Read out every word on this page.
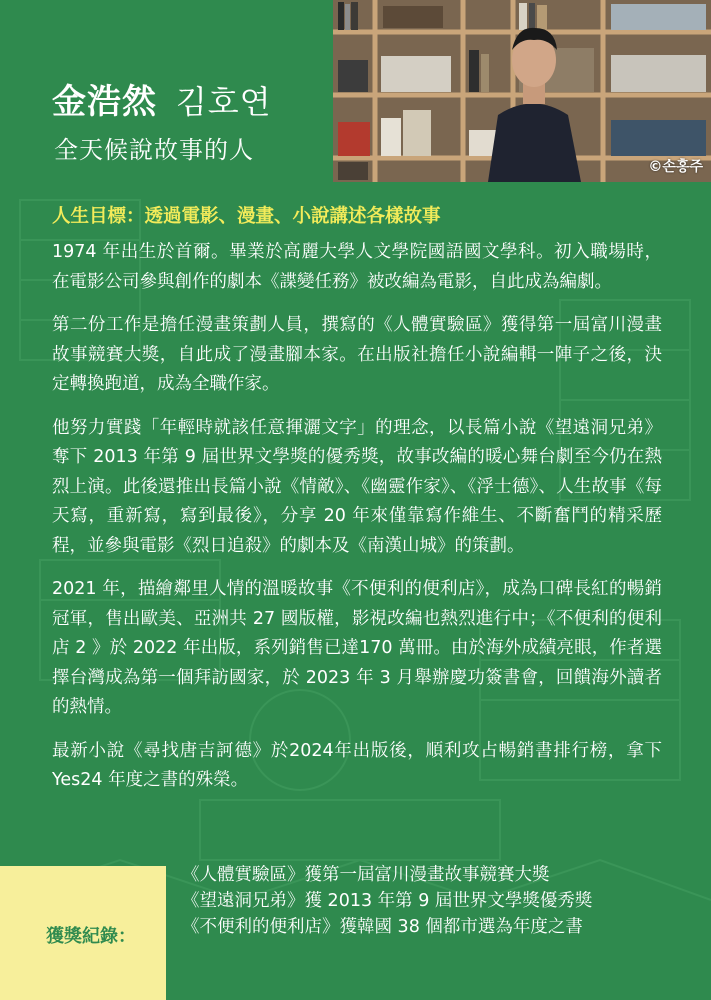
金浩然 김호연
全天候說故事的人
©손홍주
人生目標：透過電影、漫畫、小說講述各樣故事

1974 年出生於首爾。畢業於高麗大學人文學院國語國文學科。初入職場時，在電影公司參與創作的劇本《諜變任務》被改編為電影，自此成為編劇。

第二份工作是擔任漫畫策劃人員，撰寫的《人體實驗區》獲得第一屆富川漫畫故事競賽大獎，自此成了漫畫腳本家。在出版社擔任小說編輯一陣子之後，決定轉換跑道，成為全職作家。

他努力實踐「年輕時就該任意揮灑文字」的理念，以長篇小說《望遠洞兄弟》奪下 2013 年第 9 屆世界文學獎的優秀獎，故事改編的暖心舞台劇至今仍在熱烈上演。此後還推出長篇小說《情敵》、《幽靈作家》、《浮士德》、人生故事《每天寫，重新寫，寫到最後》，分享 20 年來僅靠寫作維生、不斷奮鬥的精采歷程，並參與電影《烈日追殺》的劇本及《南漢山城》的策劃。

2021 年，描繪鄰里人情的溫暖故事《不便利的便利店》，成為口碑長紅的暢銷冠軍，售出歐美、亞洲共 27 國版權，影視改編也熱烈進行中；《不便利的便利店 2 》於 2022 年出版，系列銷售已達170 萬冊。由於海外成績亮眼，作者選擇台灣成為第一個拜訪國家，於 2023 年 3 月舉辦慶功簽書會，回饋海外讀者的熱情。

最新小說《尋找唐吉訶德》於2024年出版後，順利攻占暢銷書排行榜，拿下Yes24 年度之書的殊榮。

獲獎紀錄：
《人體實驗區》獲第一屆富川漫畫故事競賽大獎
《望遠洞兄弟》獲 2013 年第 9 屆世界文學獎優秀獎
《不便利的便利店》獲韓國 38 個都市選為年度之書
